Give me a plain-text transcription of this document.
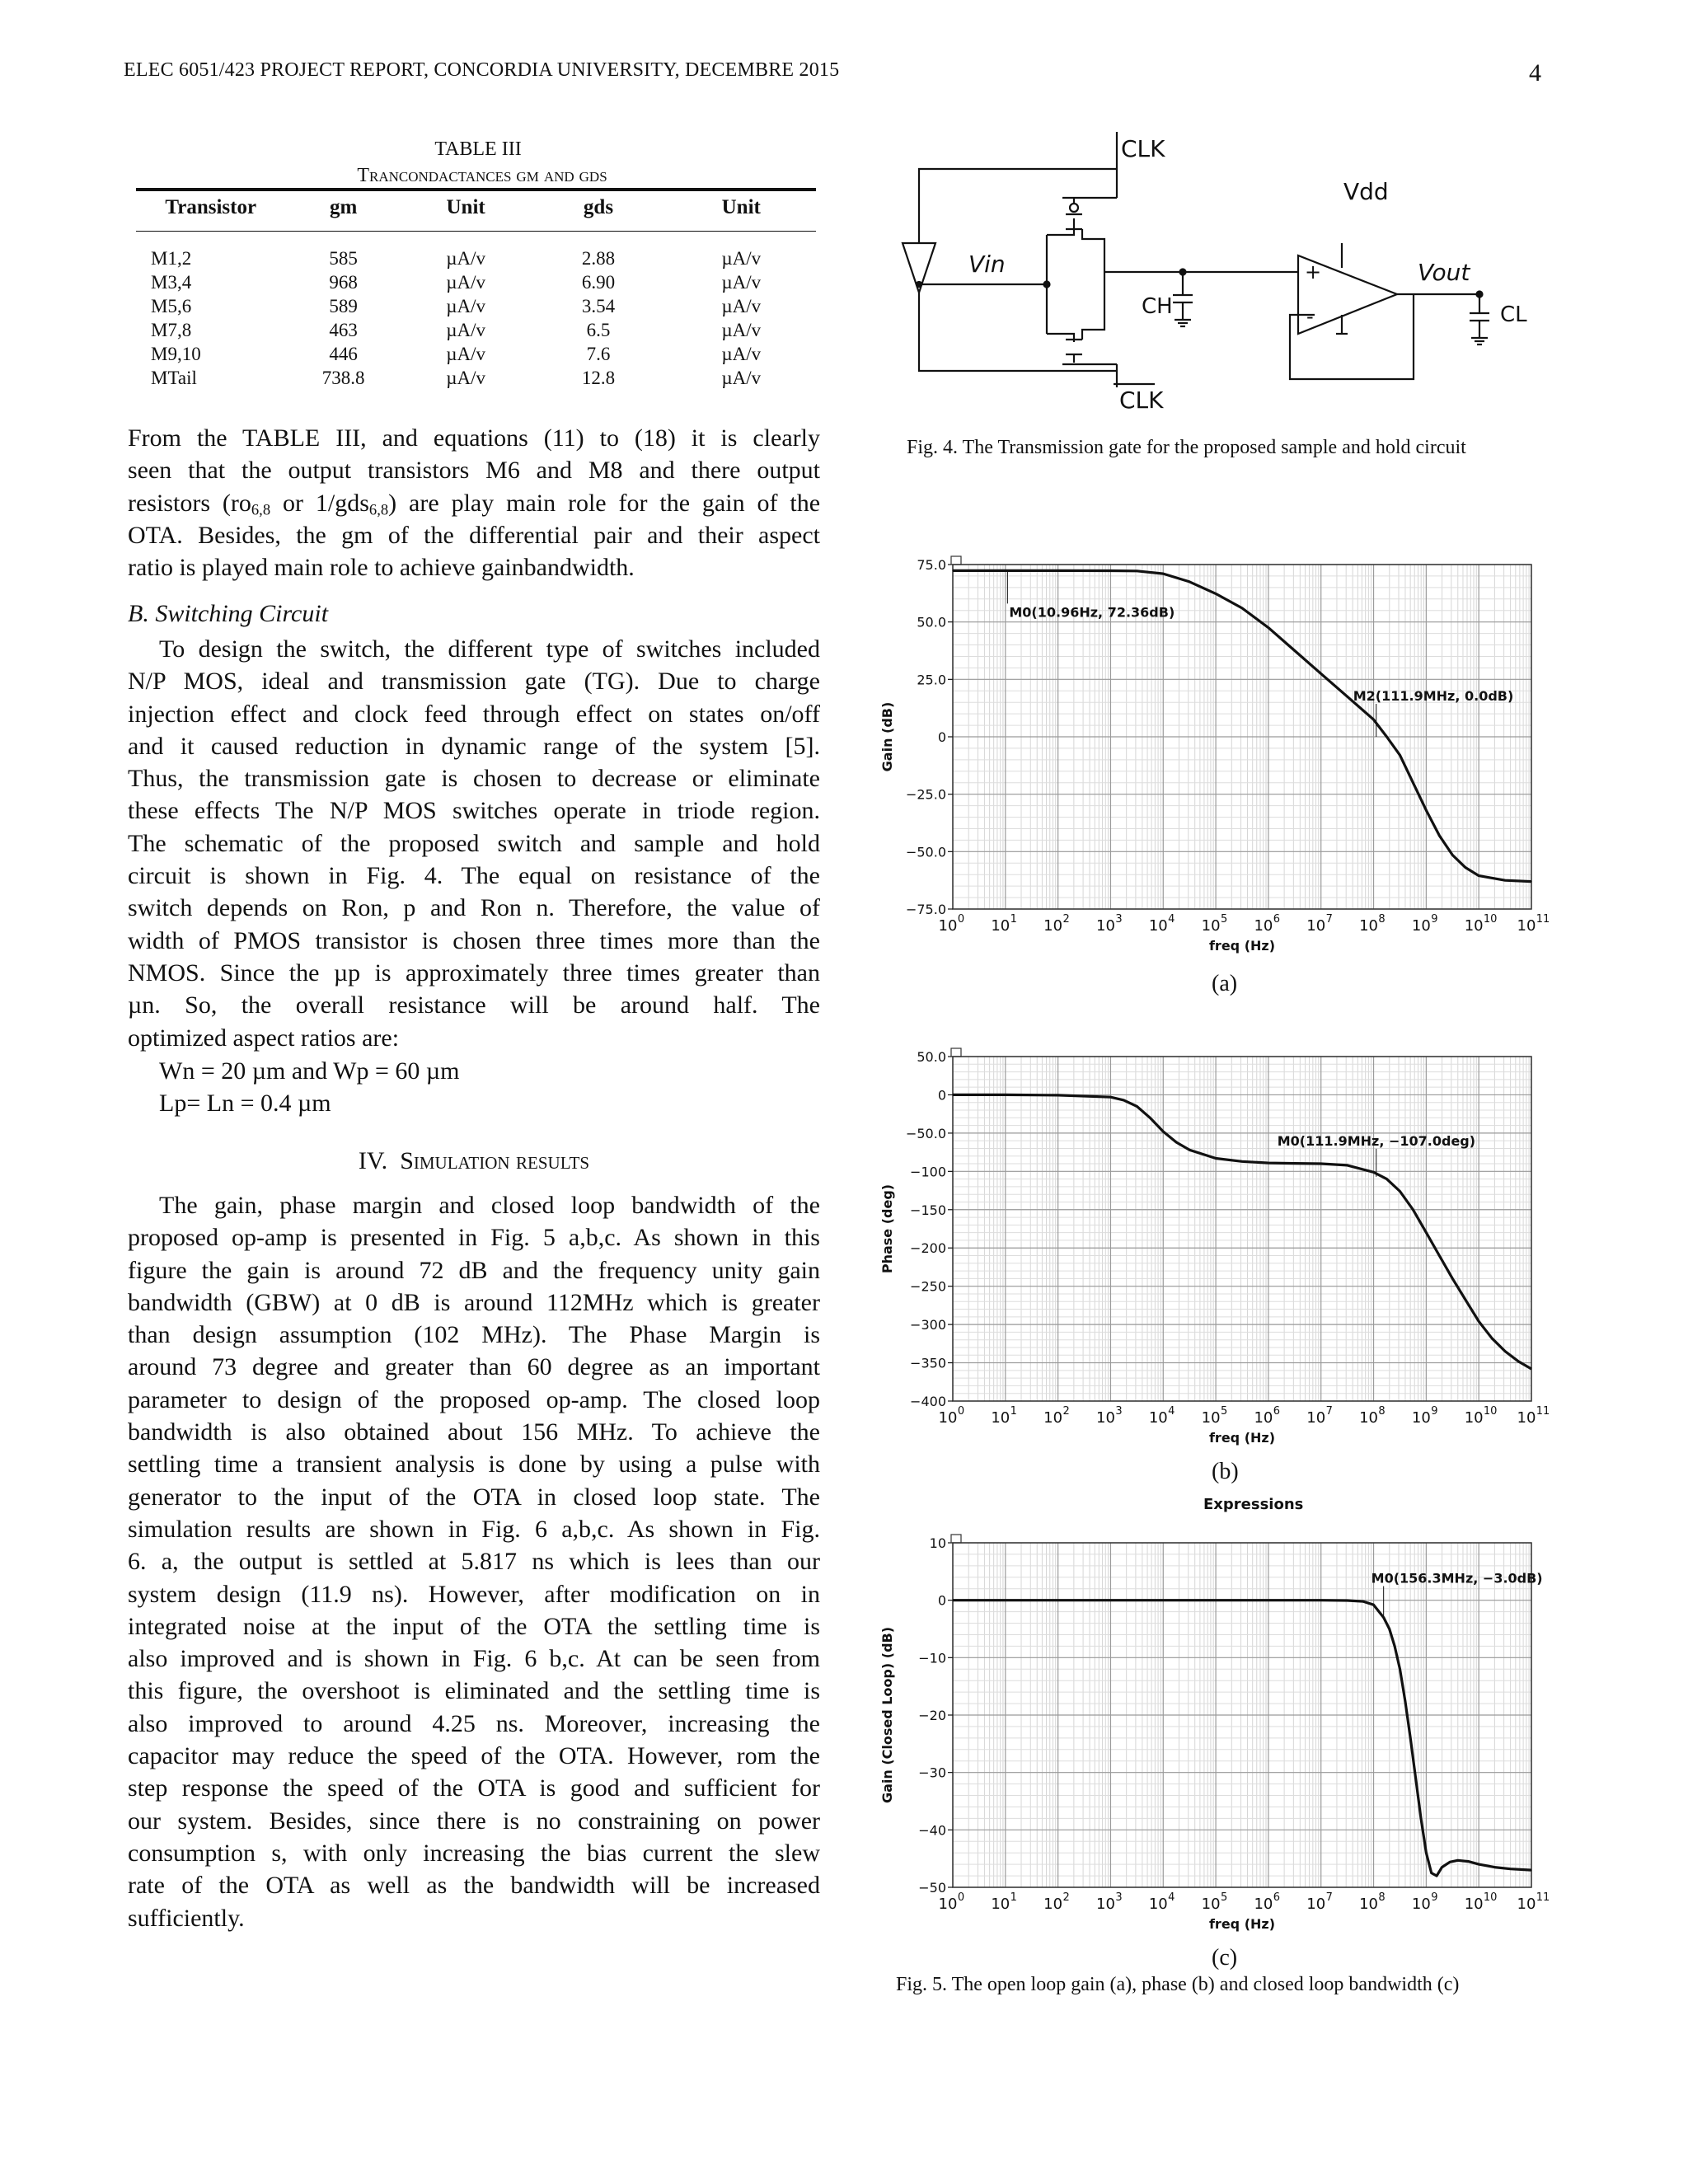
ELEC 6051/423 PROJECT REPORT, CONCORDIA UNIVERSITY, DECEMBRE 2015	4
TABLE III
Trancondactances gm and gds
Transistor	gm	Unit	gds	Unit
M1,2	585	µA/v	2.88	µA/v
M3,4	968	µA/v	6.90	µA/v
M5,6	589	µA/v	3.54	µA/v
M7,8	463	µA/v	6.5	µA/v
M9,10	446	µA/v	7.6	µA/v
MTail	738.8	µA/v	12.8	µA/v
From the TABLE III, and equations (11) to (18) it is clearly
seen that the output transistors M6 and M8 and there output
resistors ($ro_{6,8}$ or 1/gds$_{6,8}$) are play main role for the gain of the
OTA. Besides, the gm of the differential pair and their aspect
ratio is played main role to achieve gainbandwidth.
B. Switching Circuit
To design the switch, the different type of switches included
N/P MOS, ideal and transmission gate (TG). Due to charge
injection effect and clock feed through effect on states on/off
and it caused reduction in dynamic range of the system [5].
Thus, the transmission gate is chosen to decrease or eliminate
these effects The N/P MOS switches operate in triode region.
The schematic of the proposed switch and sample and hold
circuit is shown in Fig. 4. The equal on resistance of the
switch depends on Ron, p and Ron n. Therefore, the value of
width of PMOS transistor is chosen three times more than the
NMOS. Since the µp is approximately three times greater than
µn. So, the overall resistance will be around half. The
optimized aspect ratios are:
Wn = 20 µm and Wp = 60 µm
Lp= Ln = 0.4 µm
IV. Simulation results
The gain, phase margin and closed loop bandwidth of the
proposed op-amp is presented in Fig. 5 a,b,c. As shown in this
figure the gain is around 72 dB and the frequency unity gain
bandwidth (GBW) at 0 dB is around 112MHz which is greater
than design assumption (102 MHz). The Phase Margin is
around 73 degree and greater than 60 degree as an important
parameter to design of the proposed op-amp. The closed loop
bandwidth is also obtained about 156 MHz. To achieve the
settling time a transient analysis is done by using a pulse with
generator to the input of the OTA in closed loop state. The
simulation results are shown in Fig. 6 a,b,c. As shown in Fig.
6. a, the output is settled at 5.817 ns which is lees than our
system design (11.9 ns). However, after modification on in
integrated noise at the input of the OTA the settling time is
also improved and is shown in Fig. 6 b,c. At can be seen from
this figure, the overshoot is eliminated and the settling time is
also improved to around 4.25 ns. Moreover, increasing the
capacitor may reduce the speed of the OTA. However, rom the
step response the speed of the OTA is good and sufficient for
our system. Besides, since there is no constraining on power
consumption s, with only increasing the bias current the slew
rate of the OTA as well as the bandwidth will be increased
sufficiently.
CLK
CLK
Vdd
Vin	Vout
CH	CL
+
-
Fig. 4. The Transmission gate for the proposed sample and hold circuit
75.0
50.0
25.0
0
−25.0
−50.0
−75.0
10 0 10 1 10 2 10 3 10 4 10 5 10 6 10 7 10 8 10 9 10 10 10 11
freq (Hz)
Gain (dB)
M0(10.96Hz, 72.36dB)
M2(111.9MHz, 0.0dB)
(a)
50.0
0
−50.0
−100
−150
−200
−250
−300
−350
−400
10 0 10 1 10 2 10 3 10 4 10 5 10 6 10 7 10 8 10 9 10 10 10 11
freq (Hz)
Phase (deg)
M0(111.9MHz, −107.0deg)
(b)
Expressions
10
0
−10
−20
−30
−40
−50
10 0 10 1 10 2 10 3 10 4 10 5 10 6 10 7 10 8 10 9 10 10 10 11
freq (Hz)
Gain (Closed Loop) (dB)
M0(156.3MHz, −3.0dB)
(c)
Fig. 5. The open loop gain (a), phase (b) and closed loop bandwidth (c)
